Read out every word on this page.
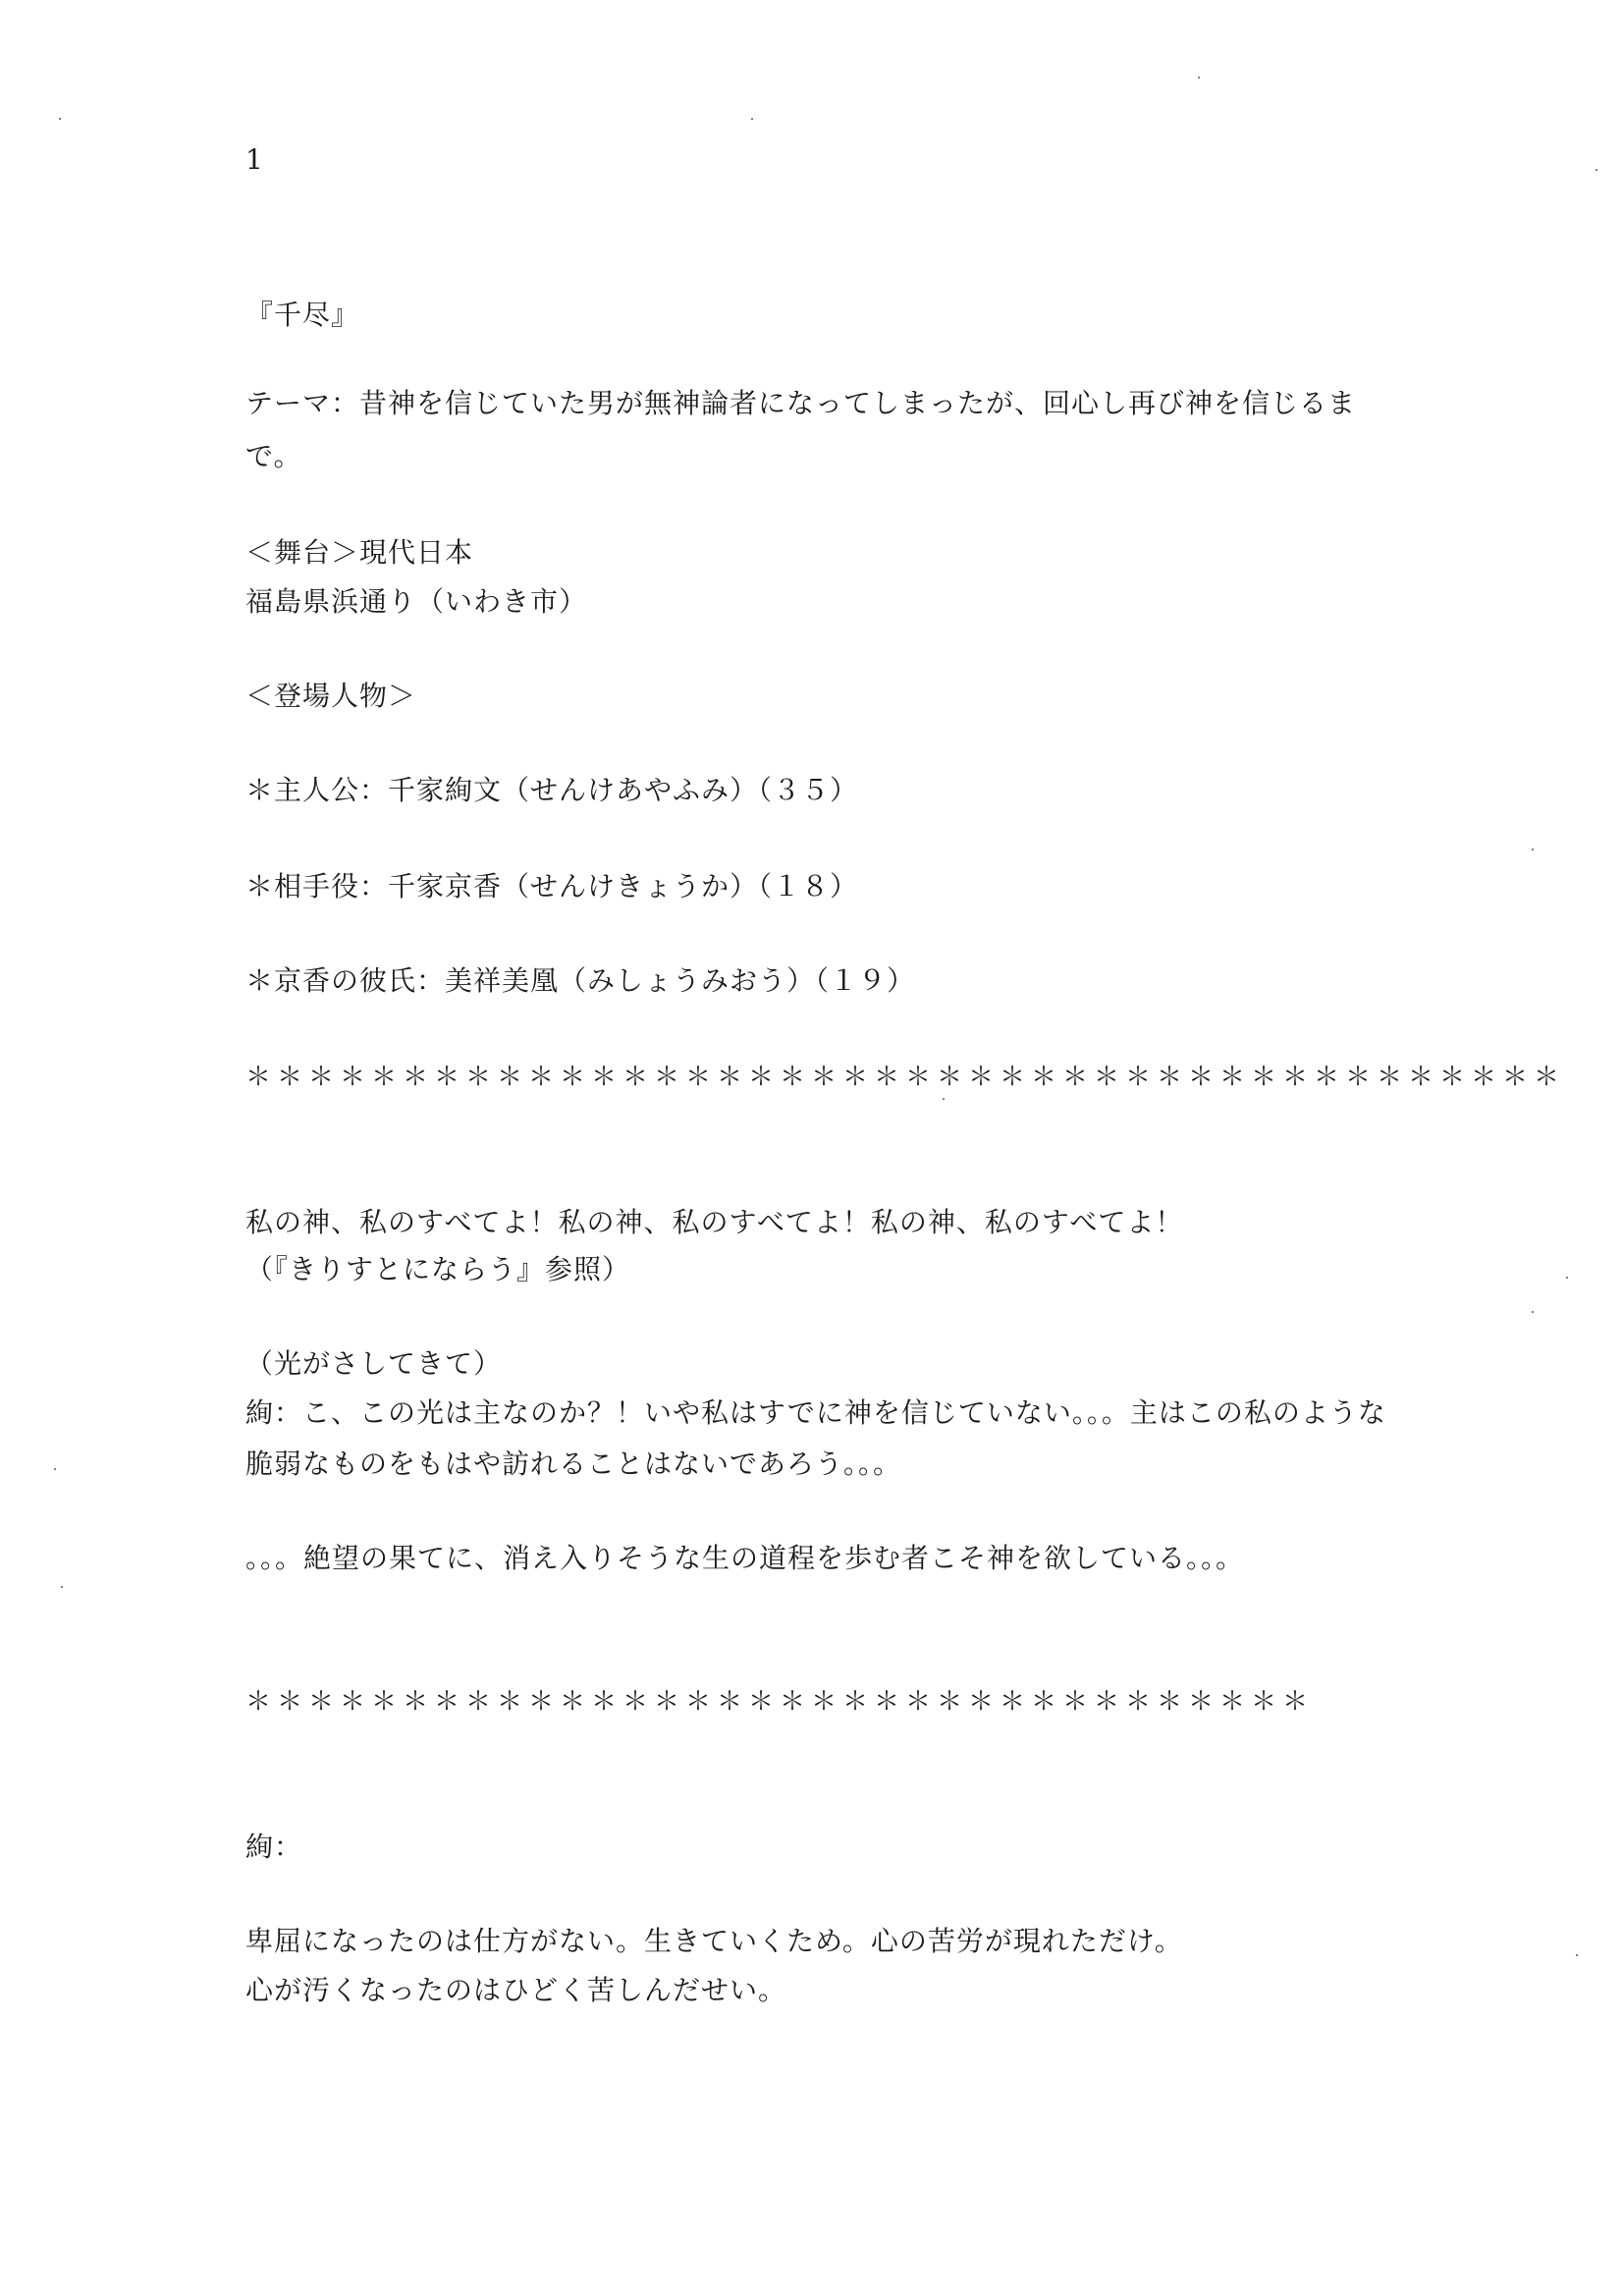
1
『千尽』
テーマ：昔神を信じていた男が無神論者になってしまったが、回心し再び神を信じるま
で。
＜舞台＞現代日本
福島県浜通り（いわき市）
＜登場人物＞
＊主人公：千家絢文（せんけあやふみ）（３５）
＊相手役：千家京香（せんけきょうか）（１８）
＊京香の彼氏：美祥美凰（みしょうみおう）（１９）
＊＊＊＊＊＊＊＊＊＊＊＊＊＊＊＊＊＊＊＊＊＊＊＊＊＊＊＊＊＊＊＊＊＊＊＊＊＊＊＊＊＊
私の神、私のすべてよ！私の神、私のすべてよ！私の神、私のすべてよ！
（『きりすとにならう』参照）
（光がさしてきて）
絢：こ、この光は主なのか？！いや私はすでに神を信じていない。。。主はこの私のような
脆弱なものをもはや訪れることはないであろう。。。
。。。絶望の果てに、消え入りそうな生の道程を歩む者こそ神を欲している。。。
＊＊＊＊＊＊＊＊＊＊＊＊＊＊＊＊＊＊＊＊＊＊＊＊＊＊＊＊＊＊＊＊＊＊
絢：
卑屈になったのは仕方がない。生きていくため。心の苦労が現れただけ。
心が汚くなったのはひどく苦しんだせい。
